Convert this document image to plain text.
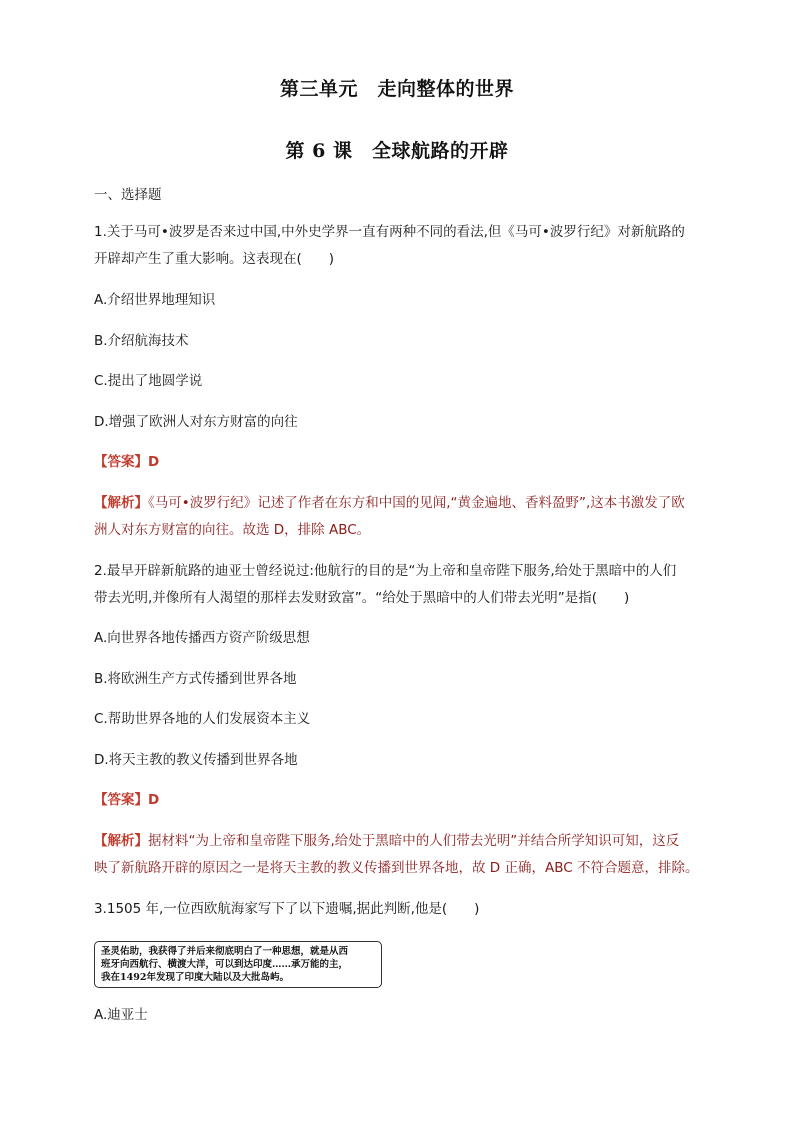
第三单元　走向整体的世界
第 6 课　全球航路的开辟
一、选择题
1.关于马可•波罗是否来过中国,中外史学界一直有两种不同的看法,但《马可•波罗行纪》对新航路的
开辟却产生了重大影响。这表现在(　　)
A.介绍世界地理知识
B.介绍航海技术
C.提出了地圆学说
D.增强了欧洲人对东方财富的向往
【答案】D
【解析】《马可•波罗行纪》记述了作者在东方和中国的见闻,“黄金遍地、香料盈野”,这本书激发了欧
洲人对东方财富的向往。故选 D，排除 ABC。
2.最早开辟新航路的迪亚士曾经说过:他航行的目的是“为上帝和皇帝陛下服务,给处于黑暗中的人们
带去光明,并像所有人渴望的那样去发财致富”。“给处于黑暗中的人们带去光明”是指(　　)
A.向世界各地传播西方资产阶级思想
B.将欧洲生产方式传播到世界各地
C.帮助世界各地的人们发展资本主义
D.将天主教的教义传播到世界各地
【答案】D
【解析】据材料“为上帝和皇帝陛下服务,给处于黑暗中的人们带去光明”并结合所学知识可知，这反
映了新航路开辟的原因之一是将天主教的教义传播到世界各地，故 D 正确，ABC 不符合题意，排除。
3.1505 年,一位西欧航海家写下了以下遗嘱,据此判断,他是(　　)
圣灵佑助，我获得了并后来彻底明白了一种思想，就是从西
班牙向西航行、横渡大洋，可以到达印度……承万能的主，
我在1492年发现了印度大陆以及大批岛屿。
A.迪亚士
